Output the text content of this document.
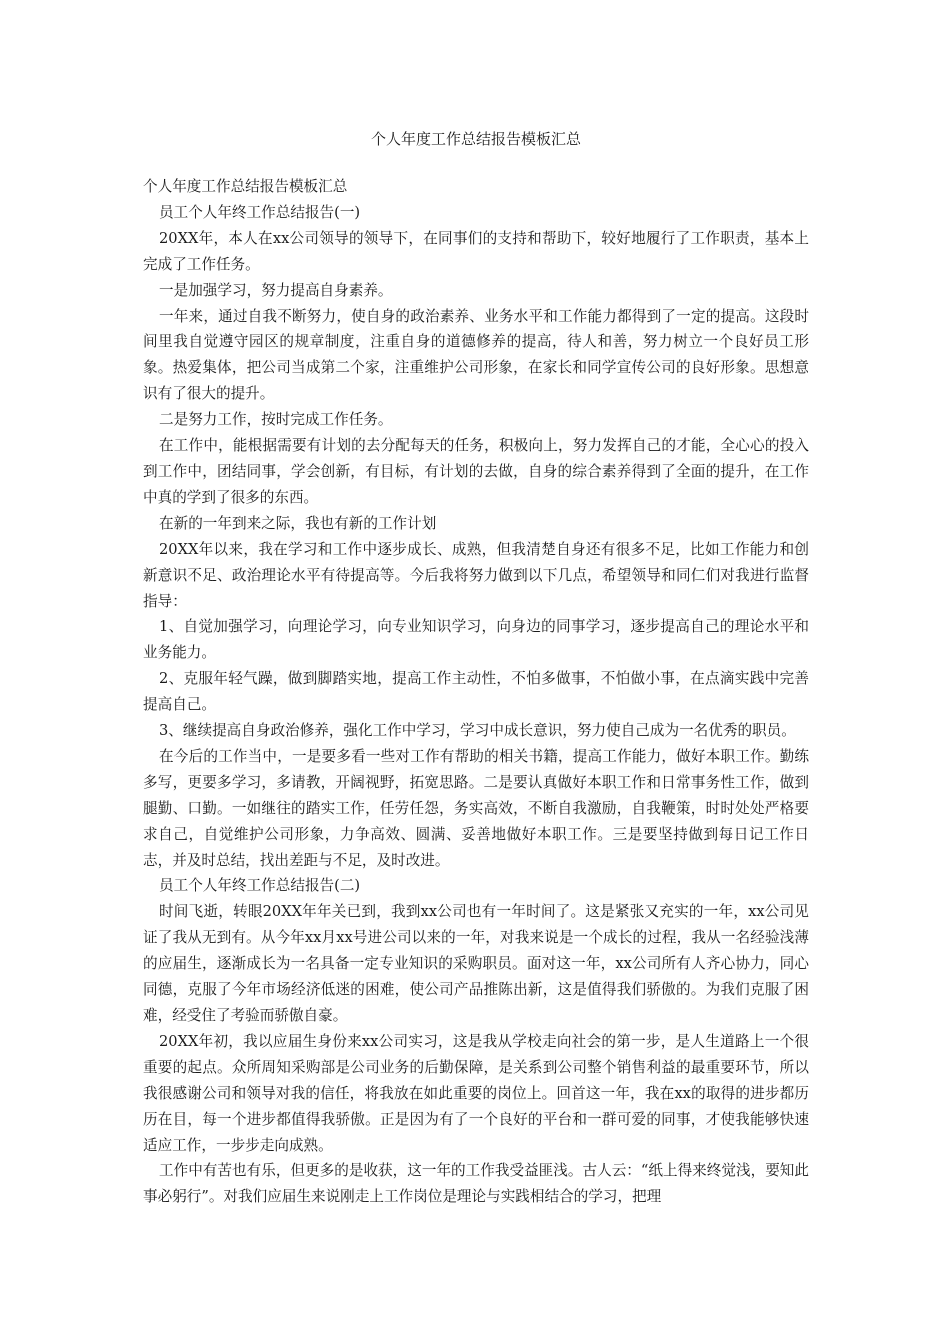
个人年度工作总结报告模板汇总

个人年度工作总结报告模板汇总

员工个人年终工作总结报告(一)

20XX年，本人在xx公司领导的领导下，在同事们的支持和帮助下，较好地履行了工作职责，基本上完成了工作任务。

一是加强学习，努力提高自身素养。

一年来，通过自我不断努力，使自身的政治素养、业务水平和工作能力都得到了一定的提高。这段时间里我自觉遵守园区的规章制度，注重自身的道德修养的提高，待人和善，努力树立一个良好员工形象。热爱集体，把公司当成第二个家，注重维护公司形象，在家长和同学宣传公司的良好形象。思想意识有了很大的提升。

二是努力工作，按时完成工作任务。

在工作中，能根据需要有计划的去分配每天的任务，积极向上，努力发挥自己的才能，全心心的投入到工作中，团结同事，学会创新，有目标，有计划的去做，自身的综合素养得到了全面的提升，在工作中真的学到了很多的东西。

在新的一年到来之际，我也有新的工作计划

20XX年以来，我在学习和工作中逐步成长、成熟，但我清楚自身还有很多不足，比如工作能力和创新意识不足、政治理论水平有待提高等。今后我将努力做到以下几点，希望领导和同仁们对我进行监督指导：

1、自觉加强学习，向理论学习，向专业知识学习，向身边的同事学习，逐步提高自己的理论水平和业务能力。

2、克服年轻气躁，做到脚踏实地，提高工作主动性，不怕多做事，不怕做小事，在点滴实践中完善提高自己。

3、继续提高自身政治修养，强化工作中学习，学习中成长意识，努力使自己成为一名优秀的职员。

在今后的工作当中，一是要多看一些对工作有帮助的相关书籍，提高工作能力，做好本职工作。勤练多写，更要多学习，多请教，开阔视野，拓宽思路。二是要认真做好本职工作和日常事务性工作，做到腿勤、口勤。一如继往的踏实工作，任劳任怨，务实高效，不断自我激励，自我鞭策，时时处处严格要求自己，自觉维护公司形象，力争高效、圆满、妥善地做好本职工作。三是要坚持做到每日记工作日志，并及时总结，找出差距与不足，及时改进。

员工个人年终工作总结报告(二)

时间飞逝，转眼20XX年年关已到，我到xx公司也有一年时间了。这是紧张又充实的一年，xx公司见证了我从无到有。从今年xx月xx号进公司以来的一年，对我来说是一个成长的过程，我从一名经验浅薄的应届生，逐渐成长为一名具备一定专业知识的采购职员。面对这一年，xx公司所有人齐心协力，同心同德，克服了今年市场经济低迷的困难，使公司产品推陈出新，这是值得我们骄傲的。为我们克服了困难，经受住了考验而骄傲自豪。

20XX年初，我以应届生身份来xx公司实习，这是我从学校走向社会的第一步，是人生道路上一个很重要的起点。众所周知采购部是公司业务的后勤保障，是关系到公司整个销售利益的最重要环节，所以我很感谢公司和领导对我的信任，将我放在如此重要的岗位上。回首这一年，我在xx的取得的进步都历历在目，每一个进步都值得我骄傲。正是因为有了一个良好的平台和一群可爱的同事，才使我能够快速适应工作，一步步走向成熟。

工作中有苦也有乐，但更多的是收获，这一年的工作我受益匪浅。古人云：“纸上得来终觉浅，要知此事必躬行”。对我们应届生来说刚走上工作岗位是理论与实践相结合的学习，把理
